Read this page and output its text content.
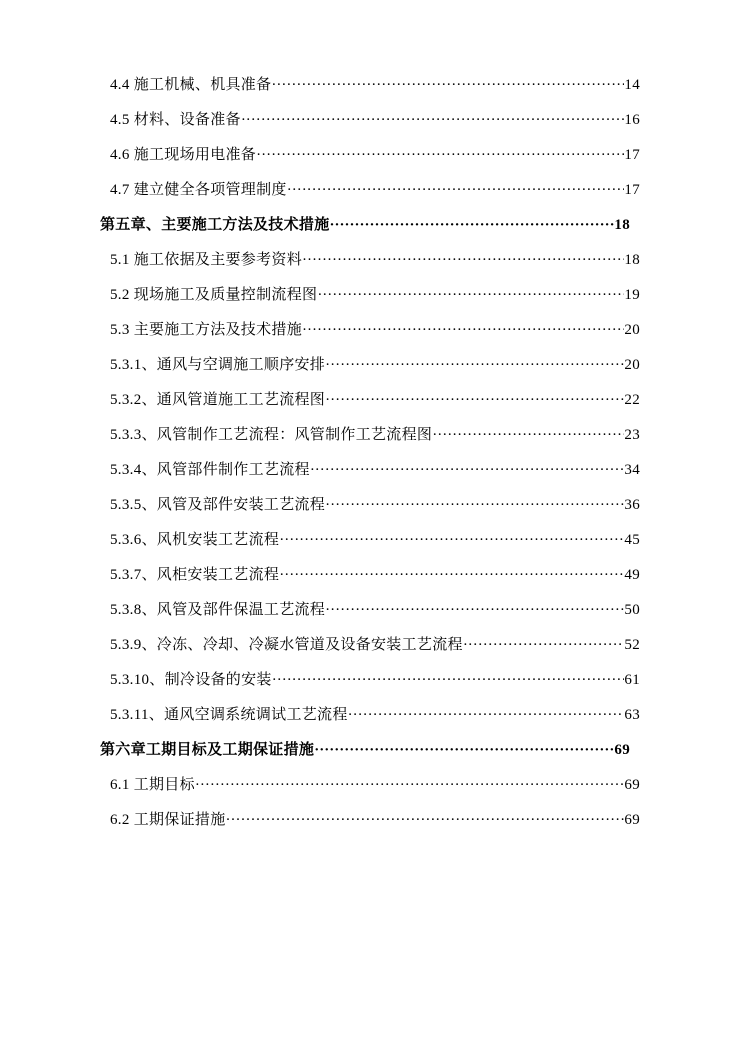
4.4 施工机械、机具准备 ·····	14
4.5 材料、设备准备 ·····	16
4.6 施工现场用电准备 ·····	17
4.7 建立健全各项管理制度 ·····	17
第五章、主要施工方法及技术措施 ·····	18
5.1 施工依据及主要参考资料 ·····	18
5.2 现场施工及质量控制流程图 ·····	19
5.3 主要施工方法及技术措施 ·····	20
5.3.1、通风与空调施工顺序安排 ·····	20
5.3.2、通风管道施工工艺流程图 ·····	22
5.3.3、风管制作工艺流程：风管制作工艺流程图 ·····	23
5.3.4、风管部件制作工艺流程 ·····	34
5.3.5、风管及部件安装工艺流程 ·····	36
5.3.6、风机安装工艺流程 ·····	45
5.3.7、风柜安装工艺流程 ·····	49
5.3.8、风管及部件保温工艺流程 ·····	50
5.3.9、冷冻、冷却、冷凝水管道及设备安装工艺流程 ·····	52
5.3.10、制冷设备的安装 ·····	61
5.3.11、通风空调系统调试工艺流程 ·····	63
第六章工期目标及工期保证措施 ·····	69
6.1 工期目标 ·····	69
6.2 工期保证措施 ·····	69
